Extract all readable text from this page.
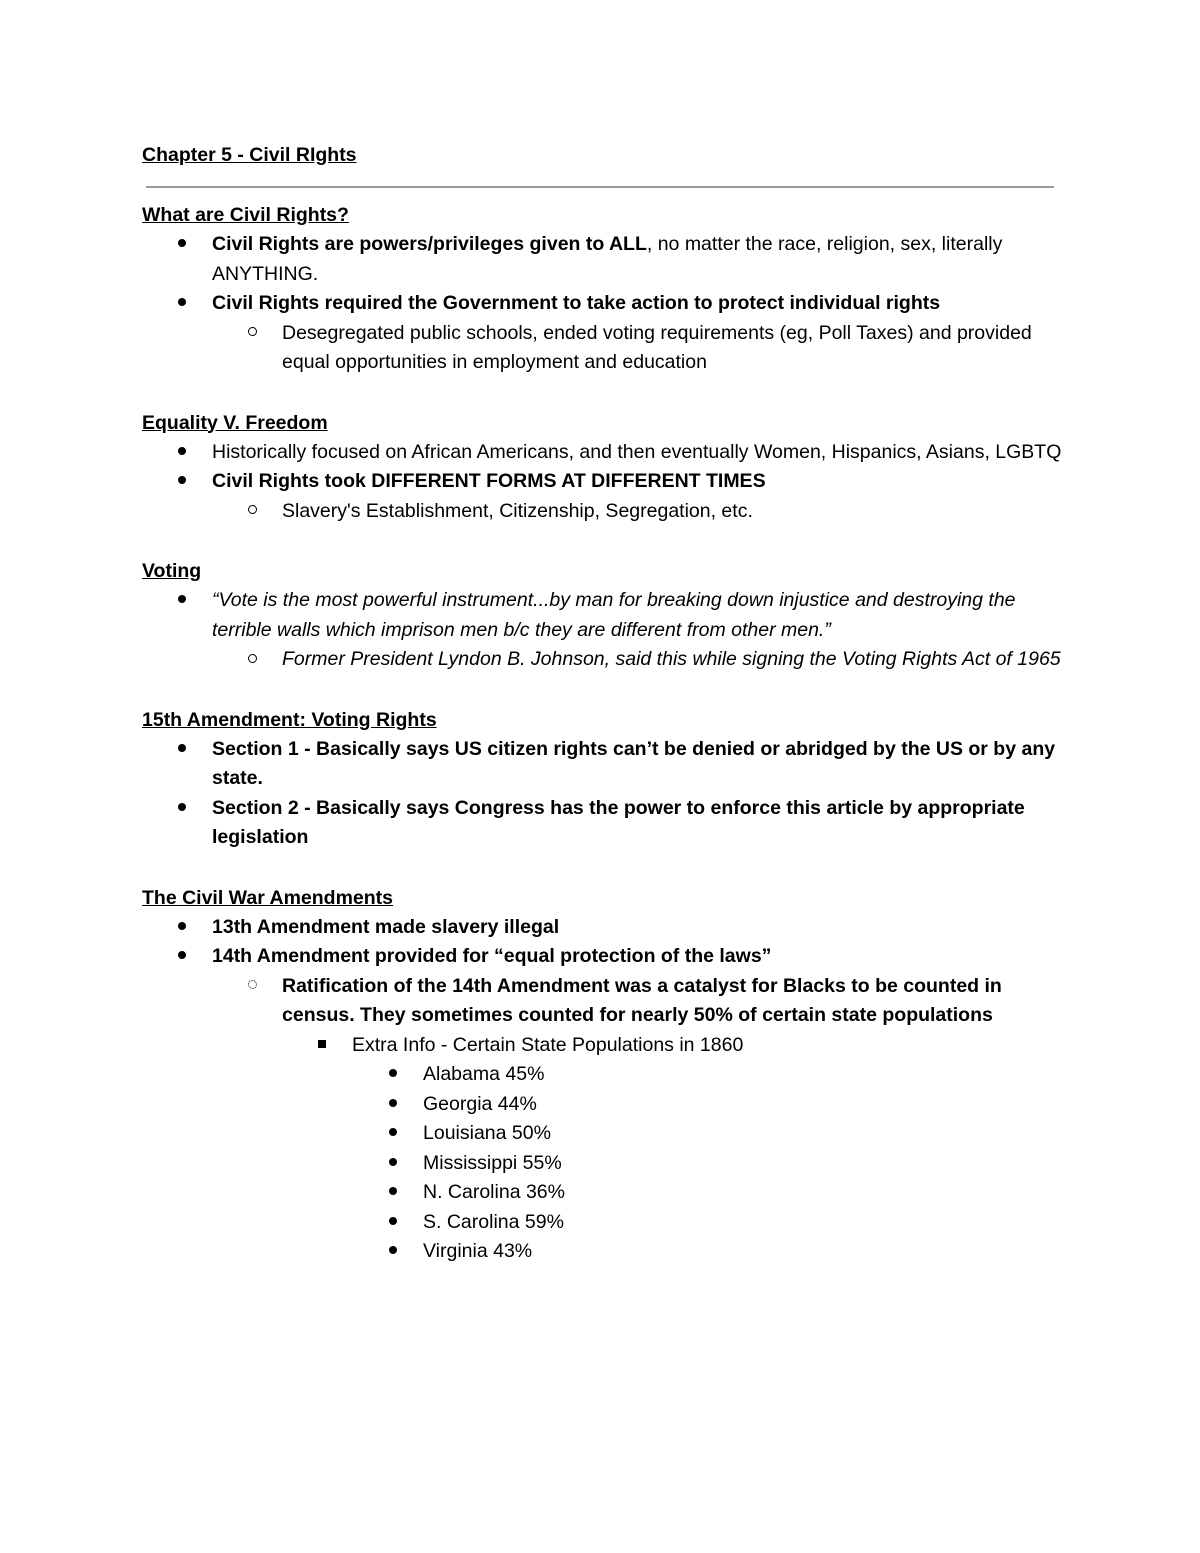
Chapter 5 - Civil RIghts
What are Civil Rights?
Civil Rights are powers/privileges given to ALL, no matter the race, religion, sex, literally ANYTHING.
Civil Rights required the Government to take action to protect individual rights
Desegregated public schools, ended voting requirements (eg, Poll Taxes) and provided equal opportunities in employment and education
Equality V. Freedom
Historically focused on African Americans, and then eventually Women, Hispanics, Asians, LGBTQ
Civil Rights took DIFFERENT FORMS AT DIFFERENT TIMES
Slavery's Establishment, Citizenship, Segregation, etc.
Voting
“Vote is the most powerful instrument...by man for breaking down injustice and destroying the terrible walls which imprison men b/c they are different from other men.”
Former President Lyndon B. Johnson, said this while signing the Voting Rights Act of 1965
15th Amendment: Voting Rights
Section 1 - Basically says US citizen rights can’t be denied or abridged by the US or by any state.
Section 2 - Basically says Congress has the power to enforce this article by appropriate legislation
The Civil War Amendments
13th Amendment made slavery illegal
14th Amendment provided for “equal protection of the laws”
Ratification of the 14th Amendment was a catalyst for Blacks to be counted in census. They sometimes counted for nearly 50% of certain state populations
Extra Info - Certain State Populations in 1860
Alabama 45%
Georgia 44%
Louisiana 50%
Mississippi 55%
N. Carolina 36%
S. Carolina 59%
Virginia 43%
